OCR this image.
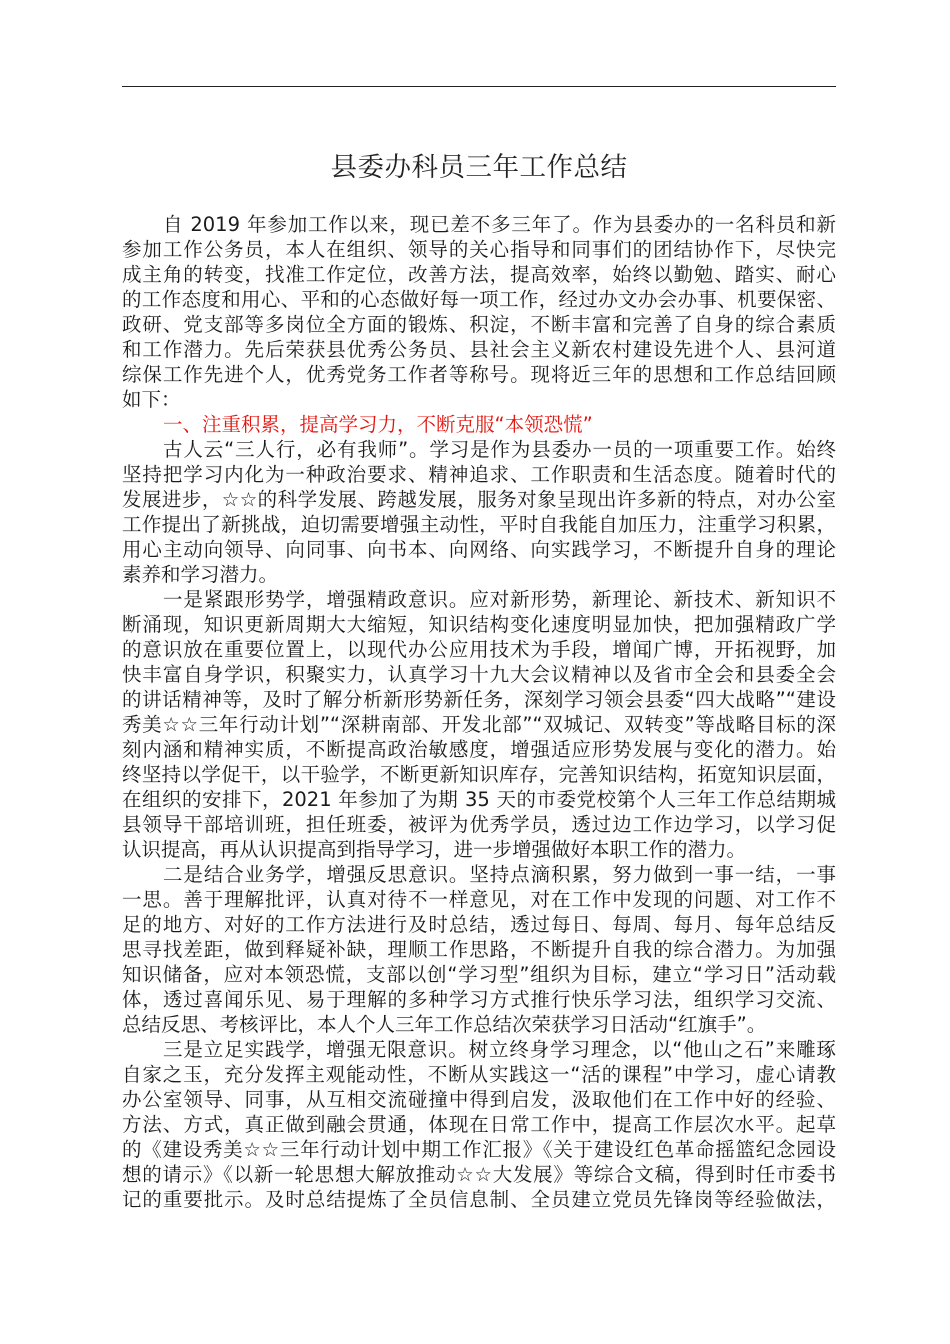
县委办科员三年工作总结
自 2019 年参加工作以来，现已差不多三年了。作为县委办的一名科员和新
参加工作公务员，本人在组织、领导的关心指导和同事们的团结协作下，尽快完
成主角的转变，找准工作定位，改善方法，提高效率，始终以勤勉、踏实、耐心
的工作态度和用心、平和的心态做好每一项工作，经过办文办会办事、机要保密、
政研、党支部等多岗位全方面的锻炼、积淀，不断丰富和完善了自身的综合素质
和工作潜力。先后荣获县优秀公务员、县社会主义新农村建设先进个人、县河道
综保工作先进个人，优秀党务工作者等称号。现将近三年的思想和工作总结回顾
如下：
一、注重积累，提高学习力，不断克服“本领恐慌”
古人云“三人行，必有我师”。学习是作为县委办一员的一项重要工作。始终
坚持把学习内化为一种政治要求、精神追求、工作职责和生活态度。随着时代的
发展进步，☆☆的科学发展、跨越发展，服务对象呈现出许多新的特点，对办公室
工作提出了新挑战，迫切需要增强主动性，平时自我能自加压力，注重学习积累，
用心主动向领导、向同事、向书本、向网络、向实践学习，不断提升自身的理论
素养和学习潜力。
一是紧跟形势学，增强精政意识。应对新形势，新理论、新技术、新知识不
断涌现，知识更新周期大大缩短，知识结构变化速度明显加快，把加强精政广学
的意识放在重要位置上，以现代办公应用技术为手段，增闻广博，开拓视野，加
快丰富自身学识，积聚实力，认真学习十九大会议精神以及省市全会和县委全会
的讲话精神等，及时了解分析新形势新任务，深刻学习领会县委“四大战略”“建设
秀美☆☆三年行动计划”“深耕南部、开发北部”“双城记、双转变”等战略目标的深
刻内涵和精神实质，不断提高政治敏感度，增强适应形势发展与变化的潜力。始
终坚持以学促干，以干验学，不断更新知识库存，完善知识结构，拓宽知识层面，
在组织的安排下，2021 年参加了为期 35 天的市委党校第个人三年工作总结期城
县领导干部培训班，担任班委，被评为优秀学员，透过边工作边学习，以学习促
认识提高，再从认识提高到指导学习，进一步增强做好本职工作的潜力。
二是结合业务学，增强反思意识。坚持点滴积累，努力做到一事一结，一事
一思。善于理解批评，认真对待不一样意见，对在工作中发现的问题、对工作不
足的地方、对好的工作方法进行及时总结，透过每日、每周、每月、每年总结反
思寻找差距，做到释疑补缺，理顺工作思路，不断提升自我的综合潜力。为加强
知识储备，应对本领恐慌，支部以创“学习型”组织为目标，建立“学习日”活动载
体，透过喜闻乐见、易于理解的多种学习方式推行快乐学习法，组织学习交流、
总结反思、考核评比，本人个人三年工作总结次荣获学习日活动“红旗手”。
三是立足实践学，增强无限意识。树立终身学习理念，以“他山之石”来雕琢
自家之玉，充分发挥主观能动性，不断从实践这一“活的课程”中学习，虚心请教
办公室领导、同事，从互相交流碰撞中得到启发，汲取他们在工作中好的经验、
方法、方式，真正做到融会贯通，体现在日常工作中，提高工作层次水平。起草
的《建设秀美☆☆三年行动计划中期工作汇报》《关于建设红色革命摇篮纪念园设
想的请示》《以新一轮思想大解放推动☆☆大发展》等综合文稿，得到时任市委书
记的重要批示。及时总结提炼了全员信息制、全员建立党员先锋岗等经验做法，
